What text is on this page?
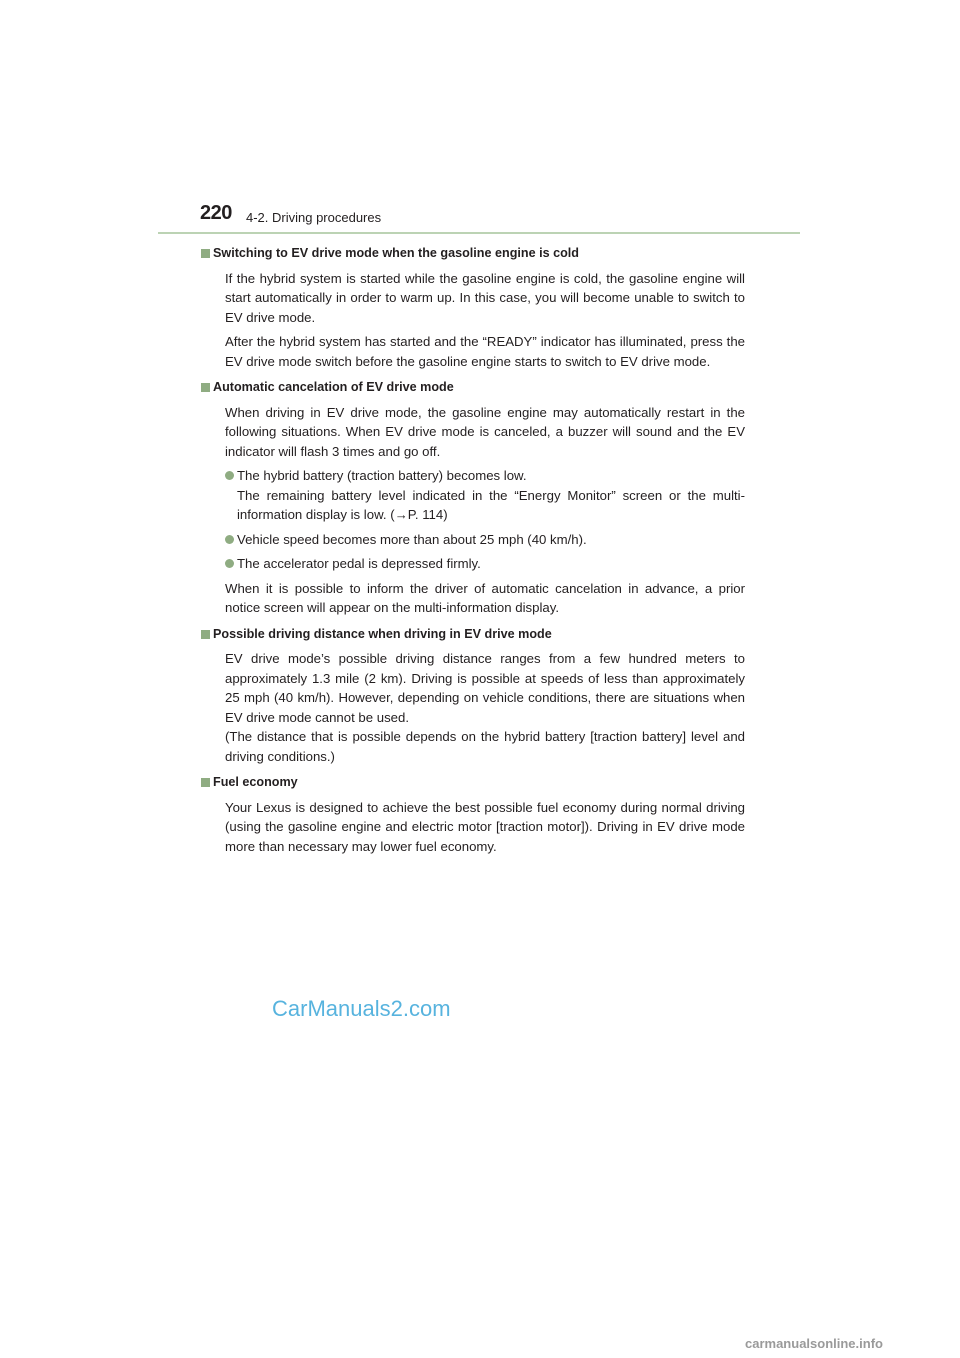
220 4-2. Driving procedures
Switching to EV drive mode when the gasoline engine is cold
If the hybrid system is started while the gasoline engine is cold, the gasoline engine will start automatically in order to warm up. In this case, you will become unable to switch to EV drive mode.
After the hybrid system has started and the “READY” indicator has illuminated, press the EV drive mode switch before the gasoline engine starts to switch to EV drive mode.
Automatic cancelation of EV drive mode
When driving in EV drive mode, the gasoline engine may automatically restart in the following situations. When EV drive mode is canceled, a buzzer will sound and the EV indicator will flash 3 times and go off.
The hybrid battery (traction battery) becomes low.
The remaining battery level indicated in the “Energy Monitor” screen or the multi-information display is low. (→P. 114)
Vehicle speed becomes more than about 25 mph (40 km/h).
The accelerator pedal is depressed firmly.
When it is possible to inform the driver of automatic cancelation in advance, a prior notice screen will appear on the multi-information display.
Possible driving distance when driving in EV drive mode
EV drive mode’s possible driving distance ranges from a few hundred meters to approximately 1.3 mile (2 km). Driving is possible at speeds of less than approximately 25 mph (40 km/h). However, depending on vehicle conditions, there are situations when EV drive mode cannot be used.
(The distance that is possible depends on the hybrid battery [traction battery] level and driving conditions.)
Fuel economy
Your Lexus is designed to achieve the best possible fuel economy during normal driving (using the gasoline engine and electric motor [traction motor]). Driving in EV drive mode more than necessary may lower fuel economy.
CarManuals2.com
carmanualsonline.info
